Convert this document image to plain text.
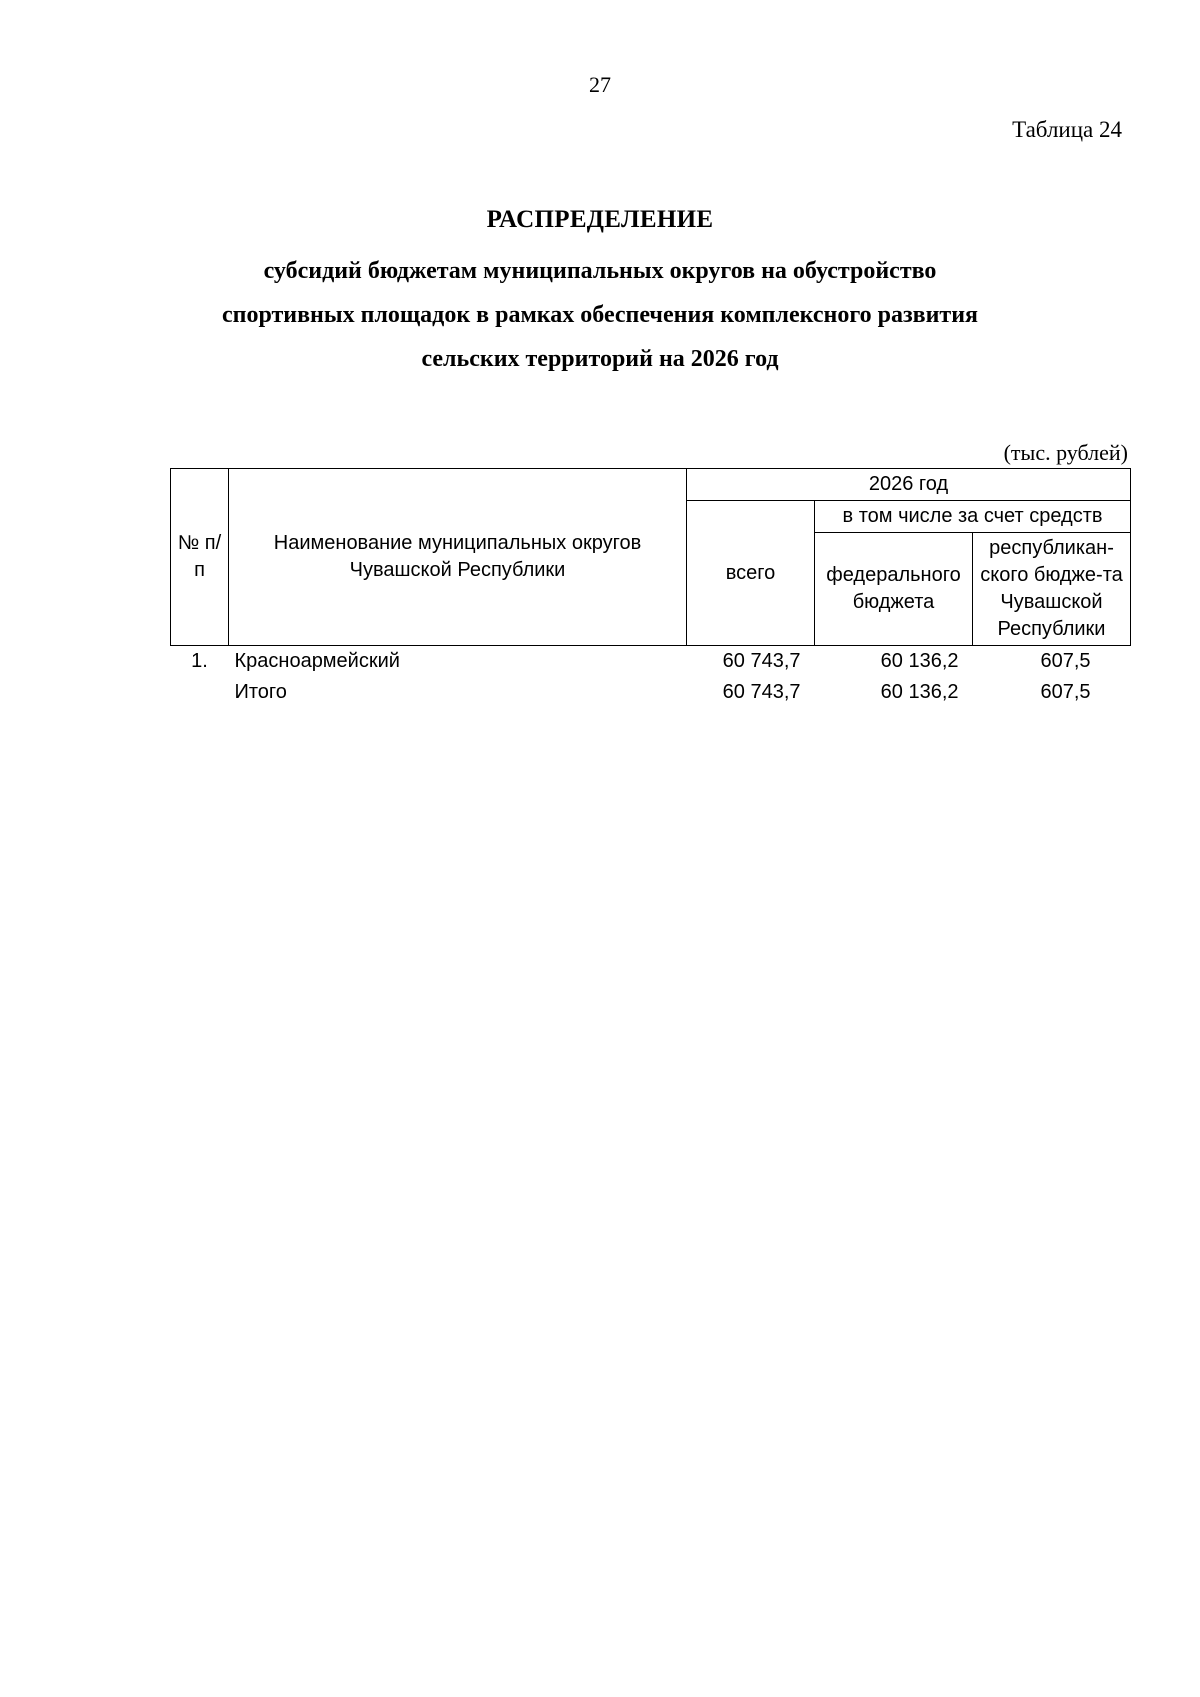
27
Таблица 24
РАСПРЕДЕЛЕНИЕ
субсидий бюджетам муниципальных округов на обустройство
спортивных площадок в рамках обеспечения комплексного развития
сельских территорий на 2026 год
(тыс. рублей)
№ п/п	Наименование муниципальных округов Чувашской Республики	2026 год		
		всего	в том числе за счет средств	
			федерального бюджета	республикан-ского бюдже-та Чувашской Республики
1.	Красноармейский	60 743,7	60 136,2	607,5
	Итого	60 743,7	60 136,2	607,5
